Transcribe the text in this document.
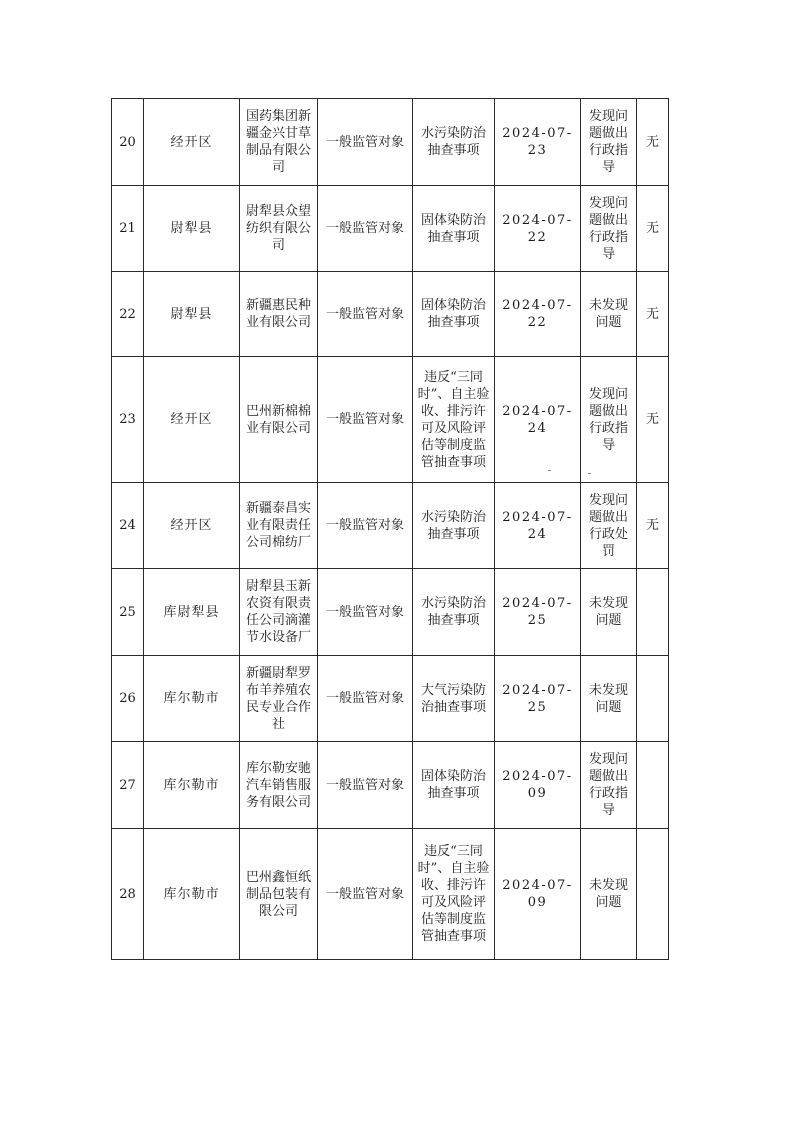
20	经开区	国药集团新疆金兴甘草制品有限公司	一般监管对象	水污染防治抽查事项	2024-07-23	发现问题做出行政指导	无
21	尉犁县	尉犁县众望纺织有限公司	一般监管对象	固体染防治抽查事项	2024-07-22	发现问题做出行政指导	无
22	尉犁县	新疆惠民种业有限公司	一般监管对象	固体染防治抽查事项	2024-07-22	未发现问题	无
23	经开区	巴州新棉棉业有限公司	一般监管对象	违反“三同时”、自主验收、排污许可及风险评估等制度监管抽查事项	2024-07-24	发现问题做出行政指导	无
24	经开区	新疆泰昌实业有限责任公司棉纺厂	一般监管对象	水污染防治抽查事项	2024-07-24	发现问题做出行政处罚	无
25	库尉犁县	尉犁县玉新农资有限责任公司滴灌节水设备厂	一般监管对象	水污染防治抽查事项	2024-07-25	未发现问题	
26	库尔勒市	新疆尉犁罗布羊养殖农民专业合作社	一般监管对象	大气污染防治抽查事项	2024-07-25	未发现问题	
27	库尔勒市	库尔勒安驰汽车销售服务有限公司	一般监管对象	固体染防治抽查事项	2024-07-09	发现问题做出行政指导	
28	库尔勒市	巴州鑫恒纸制品包装有限公司	一般监管对象	违反“三同时”、自主验收、排污许可及风险评估等制度监管抽查事项	2024-07-09	未发现问题	
